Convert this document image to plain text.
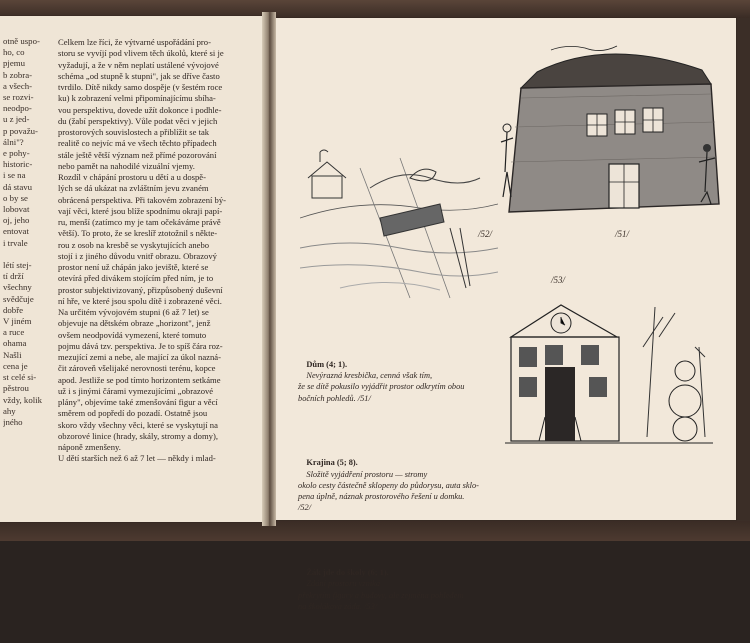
otně uspo-
ho, co
pjemu
b zobra-
a všech-
se rozvi-
neodpo-
u z jed-
p považu-
álni"?
e pohy-
historic-
i se na
dá stavu
o by se
lobovat
oj, jeho
entovat
i trvale

létí stej-
tí drží
všechny
svědčuje
dobře
V jiném
a ruce
ohama
Našli
cena je
st celé si-
pěstrou
vždy, kolik
ahy
jného
Celkem lze říci, že výtvarné uspořádání pro-
storu se vyvíjí pod vlivem těch úkolů, které si je
vyžadují, a že v něm neplatí ustálené vývojové
schéma „od stupně k stupni", jak se dříve často
tvrdilo. Dítě nikdy samo dospěje (v šestém roce
ku) k zobrazení velmi připomínajícímu sbíha-
vou perspektivu, dovede užít dokonce i podhle-
du (žabí perspektivy). Vůle podat věci v jejich
prostorových souvislostech a přiblížit se tak
realitě co nejvíc má ve všech těchto případech
stále ještě větší význam než přímé pozorování
nebo pamět na nahodilé vizuální vjemy.
Rozdíl v chápání prostoru u dětí a u dospě-
lých se dá ukázat na zvláštním jevu zvaném
obrácená perspektiva. Při takovém zobrazení bý-
vají věci, které jsou blíže spodnímu okraji papí-
ru, menší (zatímco my je tam očekáváme právě
větší). To proto, že se kreslíř ztotožnil s někte-
rou z osob na kresbě se vyskytujících anebo
stojí i z jiného důvodu vnitř obrazu. Obrazový
prostor není už chápán jako jeviště, které se
otevírá před divákem stojícím před ním, je to
prostor subjektivizovaný, přizpůsobený duševní
ní hře, ve které jsou spolu dítě i zobrazené věci.
Na určitém vývojovém stupni (6 až 7 let) se
objevuje na dětském obraze „horizont", jenž
ovšem neodpovídá vymezení, které tomuto
pojmu dává tzv. perspektiva. Je to spíš čára roz-
mezující zemi a nebe, ale mající za úkol nazná-
čit zároveň všelijaké nerovnosti terénu, kopce
apod. Jestliže se pod tímto horizontem setkáme
už i s jinými čárami vymezujícími „obrazové
plány", objevíme také zmenšování figur a věcí
směrem od popředí do pozadí. Ostatně jsou
skoro vždy všechny věci, které se vyskytují na
obzorové linice (hrady, skály, stromy a domy),
náponě zmenšeny.
U dětí starších než 6 až 7 let — někdy i mlad-
/52/	/51/
/53/

Dům (4; 1).
Nevýrazná kresbička, cenná však tím,
že se dítě pokusilo vyjádřit prostor odkrytím obou
bočních pohledů. /51/

Krajina (5; 8).
Složitě vyjádření prostoru — stromy
okolo cesty částečně sklopeny do půdorysu, auta sklo-
pena úplně, náznak prostorového řešení u domku.
/52/

Žák jde do školy (6; 1).
Zdání prostoru vzniká
překrytím figury a budovy, ale zejména pohledem
na školákova záda. /53/
